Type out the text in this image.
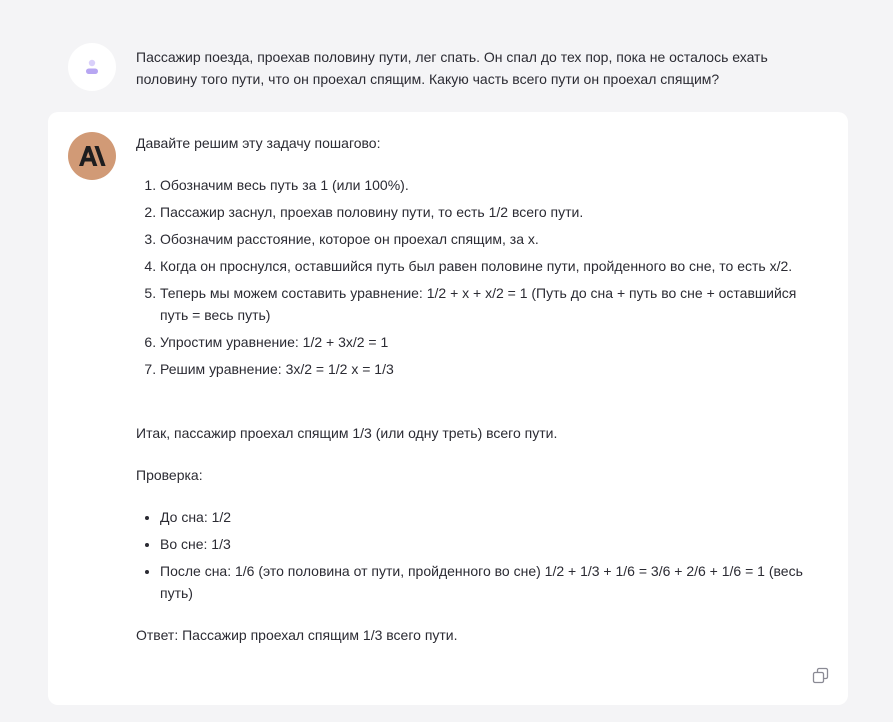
Пассажир поезда, проехав половину пути, лег спать. Он спал до тех пор, пока не осталось ехать половину того пути, что он проехал спящим. Какую часть всего пути он проехал спящим?

Давайте решим эту задачу пошагово:

1. Обозначим весь путь за 1 (или 100%).
2. Пассажир заснул, проехав половину пути, то есть 1/2 всего пути.
3. Обозначим расстояние, которое он проехал спящим, за x.
4. Когда он проснулся, оставшийся путь был равен половине пути, пройденного во сне, то есть x/2.
5. Теперь мы можем составить уравнение: 1/2 + x + x/2 = 1 (Путь до сна + путь во сне + оставшийся путь = весь путь)
6. Упростим уравнение: 1/2 + 3x/2 = 1
7. Решим уравнение: 3x/2 = 1/2 x = 1/3

Итак, пассажир проехал спящим 1/3 (или одну треть) всего пути.

Проверка:

• До сна: 1/2
• Во сне: 1/3
• После сна: 1/6 (это половина от пути, пройденного во сне) 1/2 + 1/3 + 1/6 = 3/6 + 2/6 + 1/6 = 1 (весь путь)

Ответ: Пассажир проехал спящим 1/3 всего пути.
